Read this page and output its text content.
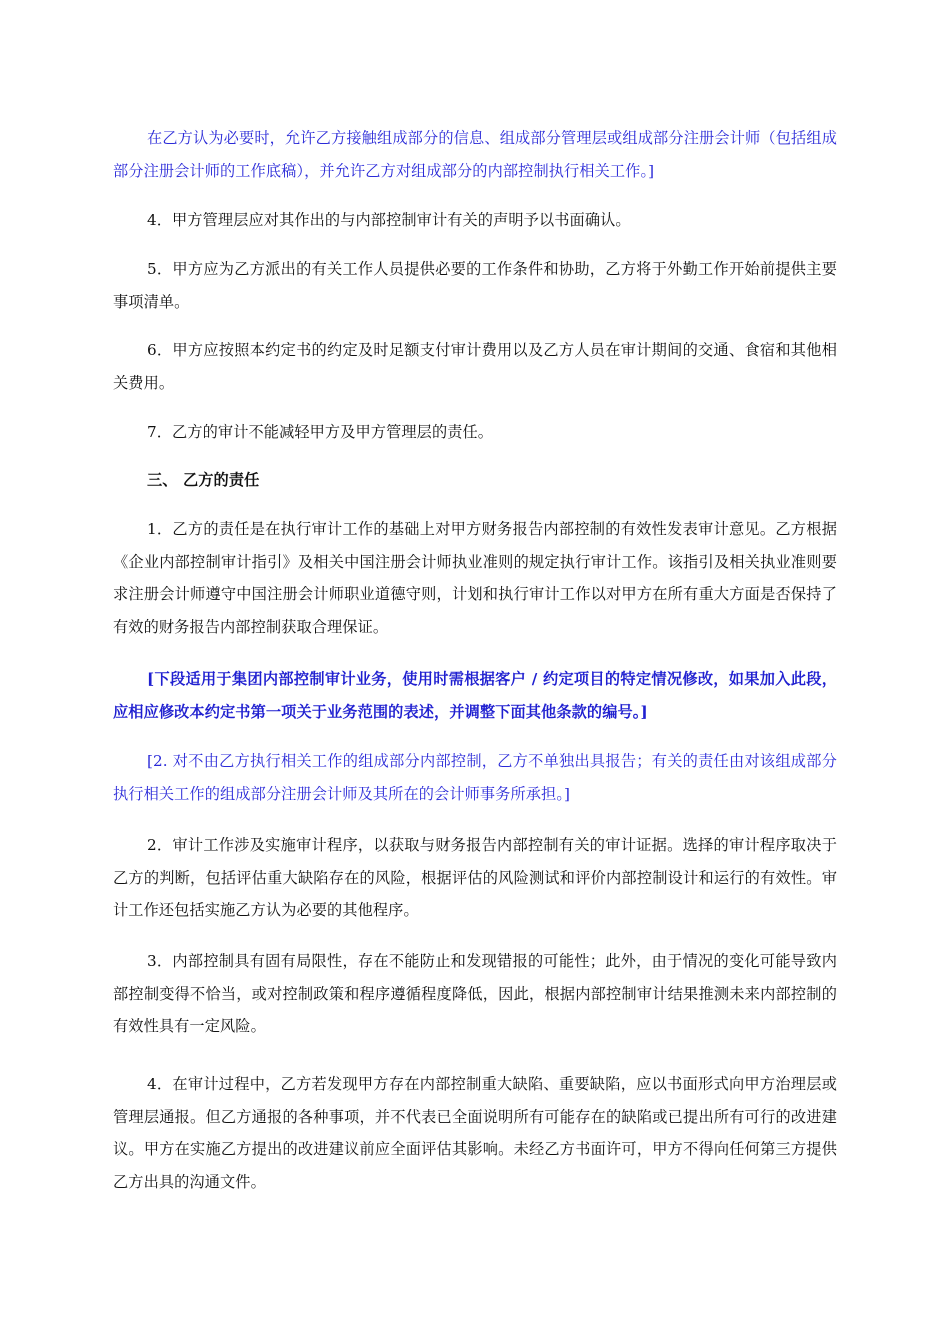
在乙方认为必要时，允许乙方接触组成部分的信息、组成部分管理层或组成部分注册会计师（包括组成部分注册会计师的工作底稿），并允许乙方对组成部分的内部控制执行相关工作。]

4．甲方管理层应对其作出的与内部控制审计有关的声明予以书面确认。

5．甲方应为乙方派出的有关工作人员提供必要的工作条件和协助，乙方将于外勤工作开始前提供主要事项清单。

6．甲方应按照本约定书的约定及时足额支付审计费用以及乙方人员在审计期间的交通、食宿和其他相关费用。

7．乙方的审计不能减轻甲方及甲方管理层的责任。

三、 乙方的责任

1．乙方的责任是在执行审计工作的基础上对甲方财务报告内部控制的有效性发表审计意见。乙方根据《企业内部控制审计指引》及相关中国注册会计师执业准则的规定执行审计工作。该指引及相关执业准则要求注册会计师遵守中国注册会计师职业道德守则，计划和执行审计工作以对甲方在所有重大方面是否保持了有效的财务报告内部控制获取合理保证。

[下段适用于集团内部控制审计业务，使用时需根据客户 / 约定项目的特定情况修改，如果加入此段，应相应修改本约定书第一项关于业务范围的表述，并调整下面其他条款的编号。]

[2. 对不由乙方执行相关工作的组成部分内部控制，乙方不单独出具报告；有关的责任由对该组成部分执行相关工作的组成部分注册会计师及其所在的会计师事务所承担。]

2．审计工作涉及实施审计程序，以获取与财务报告内部控制有关的审计证据。选择的审计程序取决于乙方的判断，包括评估重大缺陷存在的风险，根据评估的风险测试和评价内部控制设计和运行的有效性。审计工作还包括实施乙方认为必要的其他程序。

3．内部控制具有固有局限性，存在不能防止和发现错报的可能性；此外，由于情况的变化可能导致内部控制变得不恰当，或对控制政策和程序遵循程度降低，因此，根据内部控制审计结果推测未来内部控制的有效性具有一定风险。

4．在审计过程中，乙方若发现甲方存在内部控制重大缺陷、重要缺陷，应以书面形式向甲方治理层或管理层通报。但乙方通报的各种事项，并不代表已全面说明所有可能存在的缺陷或已提出所有可行的改进建议。甲方在实施乙方提出的改进建议前应全面评估其影响。未经乙方书面许可，甲方不得向任何第三方提供乙方出具的沟通文件。
